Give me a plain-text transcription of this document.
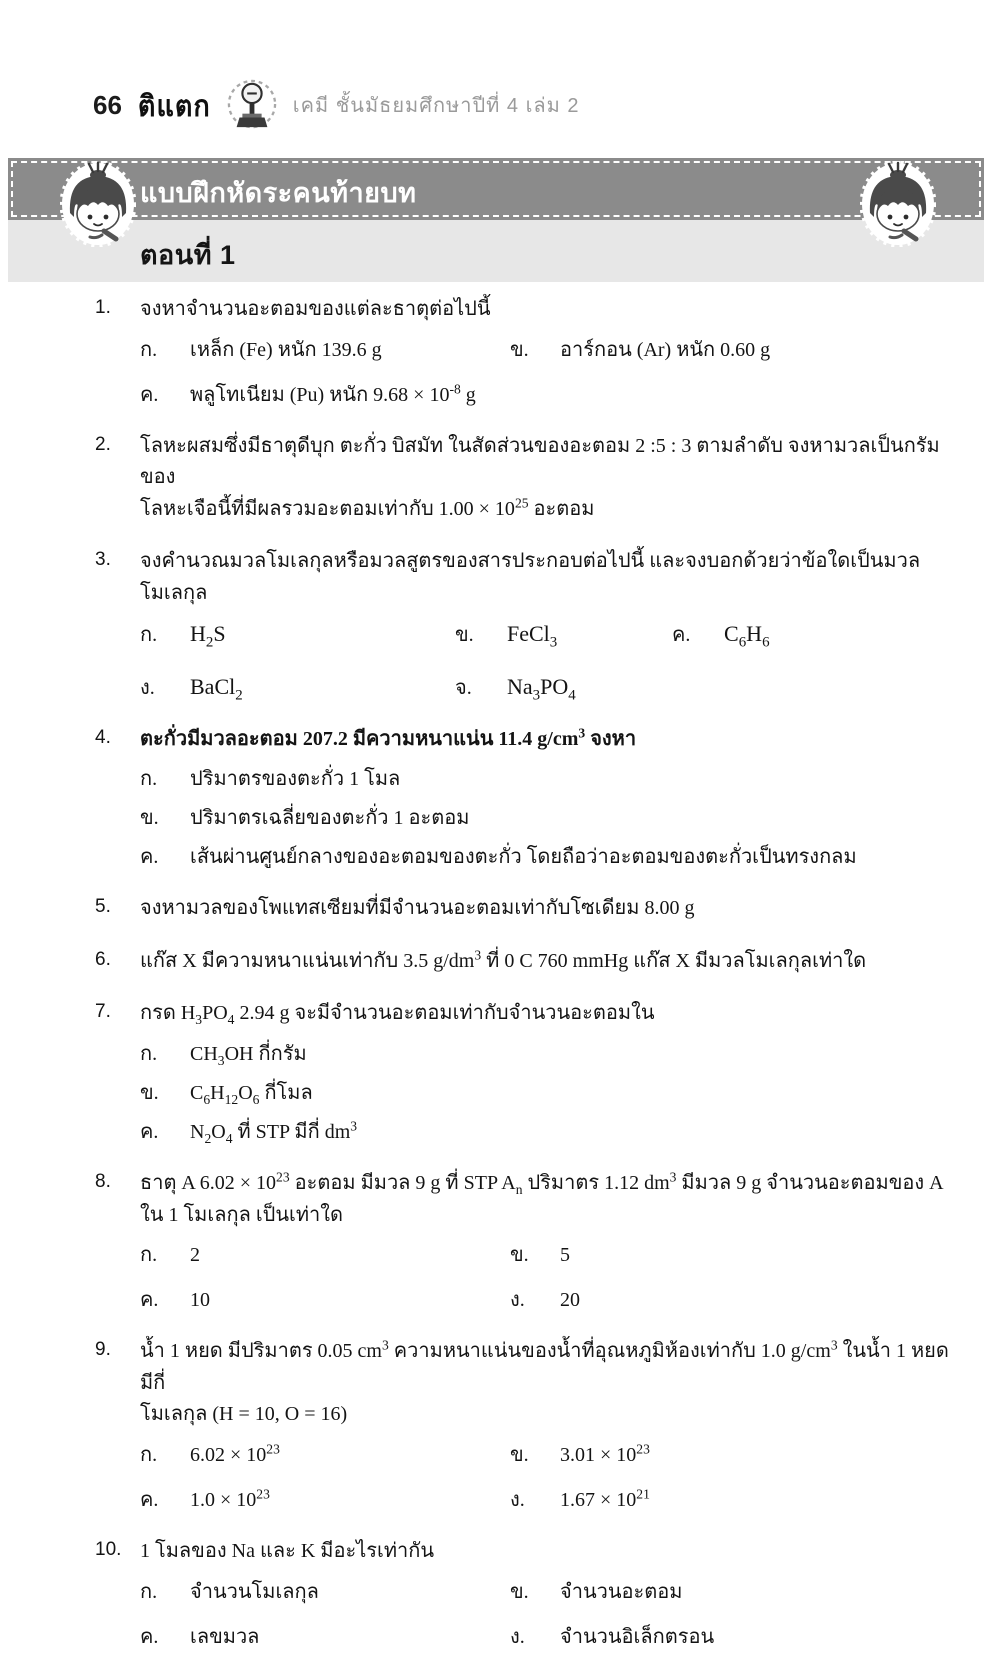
66 ติแตก	เคมี ชั้นมัธยมศึกษาปีที่ 4 เล่ม 2
แบบฝึกหัดระคนท้ายบท
ตอนที่ 1
1.	จงหาจำนวนอะตอมของแต่ละธาตุต่อไปนี้
ก.	เหล็ก (Fe) หนัก 139.6 g	ข.	อาร์กอน (Ar) หนัก 0.60 g
ค.	พลูโทเนียม (Pu) หนัก $9.68 \times 10^{-8}$ g
2.	โลหะผสมซึ่งมีธาตุดีบุก ตะกั่ว บิสมัท ในสัดส่วนของอะตอม 2 :5 : 3 ตามลำดับ จงหามวลเป็นกรัมของ
โลหะเจือนี้ที่มีผลรวมอะตอมเท่ากับ $1.00 \times 10^{25}$ อะตอม
3.	จงคำนวณมวลโมเลกุลหรือมวลสูตรของสารประกอบต่อไปนี้ และจงบอกด้วยว่าข้อใดเป็นมวลโมเลกุล
ก.	$H_2S$	ข.	FeCl$_3$	ค.	$C_6H_6$
ง.	BaCl$_2$	จ.	$Na_3PO_4$
4.	ตะกั่วมีมวลอะตอม 207.2 มีความหนาแน่น 11.4 $g/cm^3$ จงหา
ก.	ปริมาตรของตะกั่ว 1 โมล
ข.	ปริมาตรเฉลี่ยของตะกั่ว 1 อะตอม
ค.	เส้นผ่านศูนย์กลางของอะตอมของตะกั่ว โดยถือว่าอะตอมของตะกั่วเป็นทรงกลม
5.	จงหามวลของโพแทสเซียมที่มีจำนวนอะตอมเท่ากับโซเดียม 8.00 g
6.	แก๊ส X มีความหนาแน่นเท่ากับ 3.5 $g/dm^3$ ที่ 0 C 760 mmHg แก๊ส X มีมวลโมเลกุลเท่าใด
7.	กรด $H_3PO_4$ 2.94 g จะมีจำนวนอะตอมเท่ากับจำนวนอะตอมใน
ก.	$CH_3OH$ กี่กรัม
ข.	$C_6H_{12}O_6$ กี่โมล
ค.	$N_2O_4$ ที่ STP มีกี่ $dm^3$
8.	ธาตุ A $6.02 \times 10^{23}$ อะตอม มีมวล 9 g ที่ STP $A_n$ ปริมาตร 1.12 $dm^3$ มีมวล 9 g จำนวนอะตอมของ A
ใน 1 โมเลกุล เป็นเท่าใด
ก.	2	ข.	5
ค.	10	ง.	20
9.	น้ำ 1 หยด มีปริมาตร 0.05 $cm^3$ ความหนาแน่นของน้ำที่อุณหภูมิห้องเท่ากับ 1.0 $g/cm^3$ ในน้ำ 1 หยด มีกี่
โมเลกุล (H = 10, O = 16)
ก.	$6.02 \times 10^{23}$	ข.	$3.01 \times 10^{23}$
ค.	$1.0 \times 10^{23}$	ง.	$1.67 \times 10^{21}$
10. 1 โมลของ Na และ K มีอะไรเท่ากัน
ก.	จำนวนโมเลกุล	ข.	จำนวนอะตอม
ค.	เลขมวล	ง.	จำนวนอิเล็กตรอน
